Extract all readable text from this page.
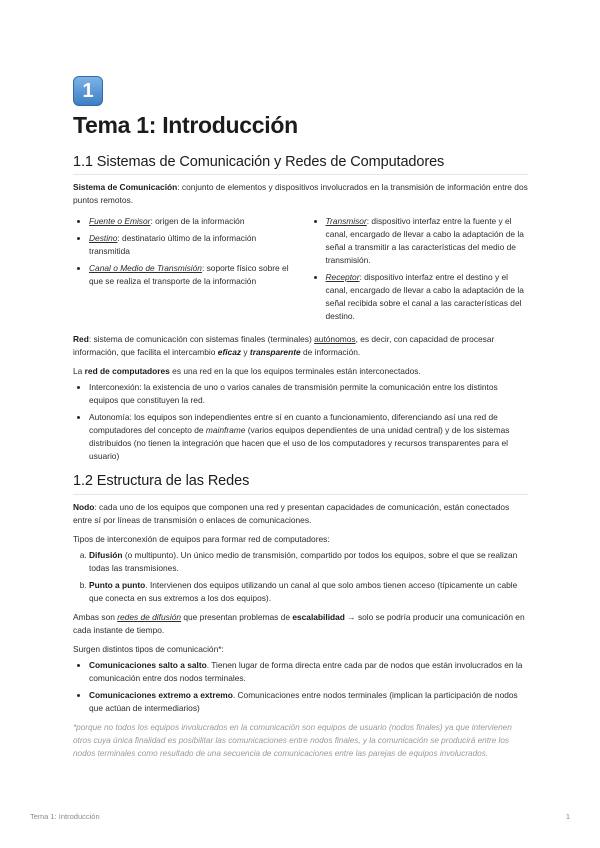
1
Tema 1: Introducción
1.1 Sistemas de Comunicación y Redes de Computadores

Sistema de Comunicación: conjunto de elementos y dispositivos involucrados en la transmisión de información entre dos puntos remotos.

• Fuente o Emisor: origen de la información
• Destino: destinatario último de la información transmitida
• Canal o Medio de Transmisión: soporte físico sobre el que se realiza el transporte de la información
• Transmisor: dispositivo interfaz entre la fuente y el canal, encargado de llevar a cabo la adaptación de la señal a transmitir a las características del medio de transmisión.
• Receptor: dispositivo interfaz entre el destino y el canal, encargado de llevar a cabo la adaptación de la señal recibida sobre el canal a las características del destino.

Red: sistema de comunicación con sistemas finales (terminales) autónomos, es decir, con capacidad de procesar información, que facilita el intercambio eficaz y transparente de información.

La red de computadores es una red en la que los equipos terminales están interconectados.

• Interconexión: la existencia de uno o varios canales de transmisión permite la comunicación entre los distintos equipos que constituyen la red.
• Autonomía: los equipos son independientes entre sí en cuanto a funcionamiento, diferenciando así una red de computadores del concepto de mainframe (varios equipos dependientes de una unidad central) y de los sistemas distribuidos (no tienen la integración que hacen que el uso de los computadores y recursos transparentes para el usuario)
1.2 Estructura de las Redes

Nodo: cada uno de los equipos que componen una red y presentan capacidades de comunicación, están conectados entre sí por líneas de transmisión o enlaces de comunicaciones.

Tipos de interconexión de equipos para formar red de computadores:

a. Difusión (o multipunto). Un único medio de transmisión, compartido por todos los equipos, sobre el que se realizan todas las transmisiones.
b. Punto a punto. Intervienen dos equipos utilizando un canal al que solo ambos tienen acceso (típicamente un cable que conecta en sus extremos a los dos equipos).

Ambas son redes de difusión que presentan problemas de escalabilidad → solo se podría producir una comunicación en cada instante de tiempo.

Surgen distintos tipos de comunicación*:

• Comunicaciones salto a salto. Tienen lugar de forma directa entre cada par de nodos que están involucrados en la comunicación entre dos nodos terminales.
• Comunicaciones extremo a extremo. Comunicaciones entre nodos terminales (implican la participación de nodos que actúan de intermediarios)
*porque no todos los equipos involucrados en la comunicación son equipos de usuario (nodos finales) ya que intervienen otros cuya única finalidad es posibilitar las comunicaciones entre nodos finales, y la comunicación se producirá entre los nodos terminales como resultado de una secuencia de comunicaciones entre las parejas de equipos involucrados.
Tema 1: Introducción	1
